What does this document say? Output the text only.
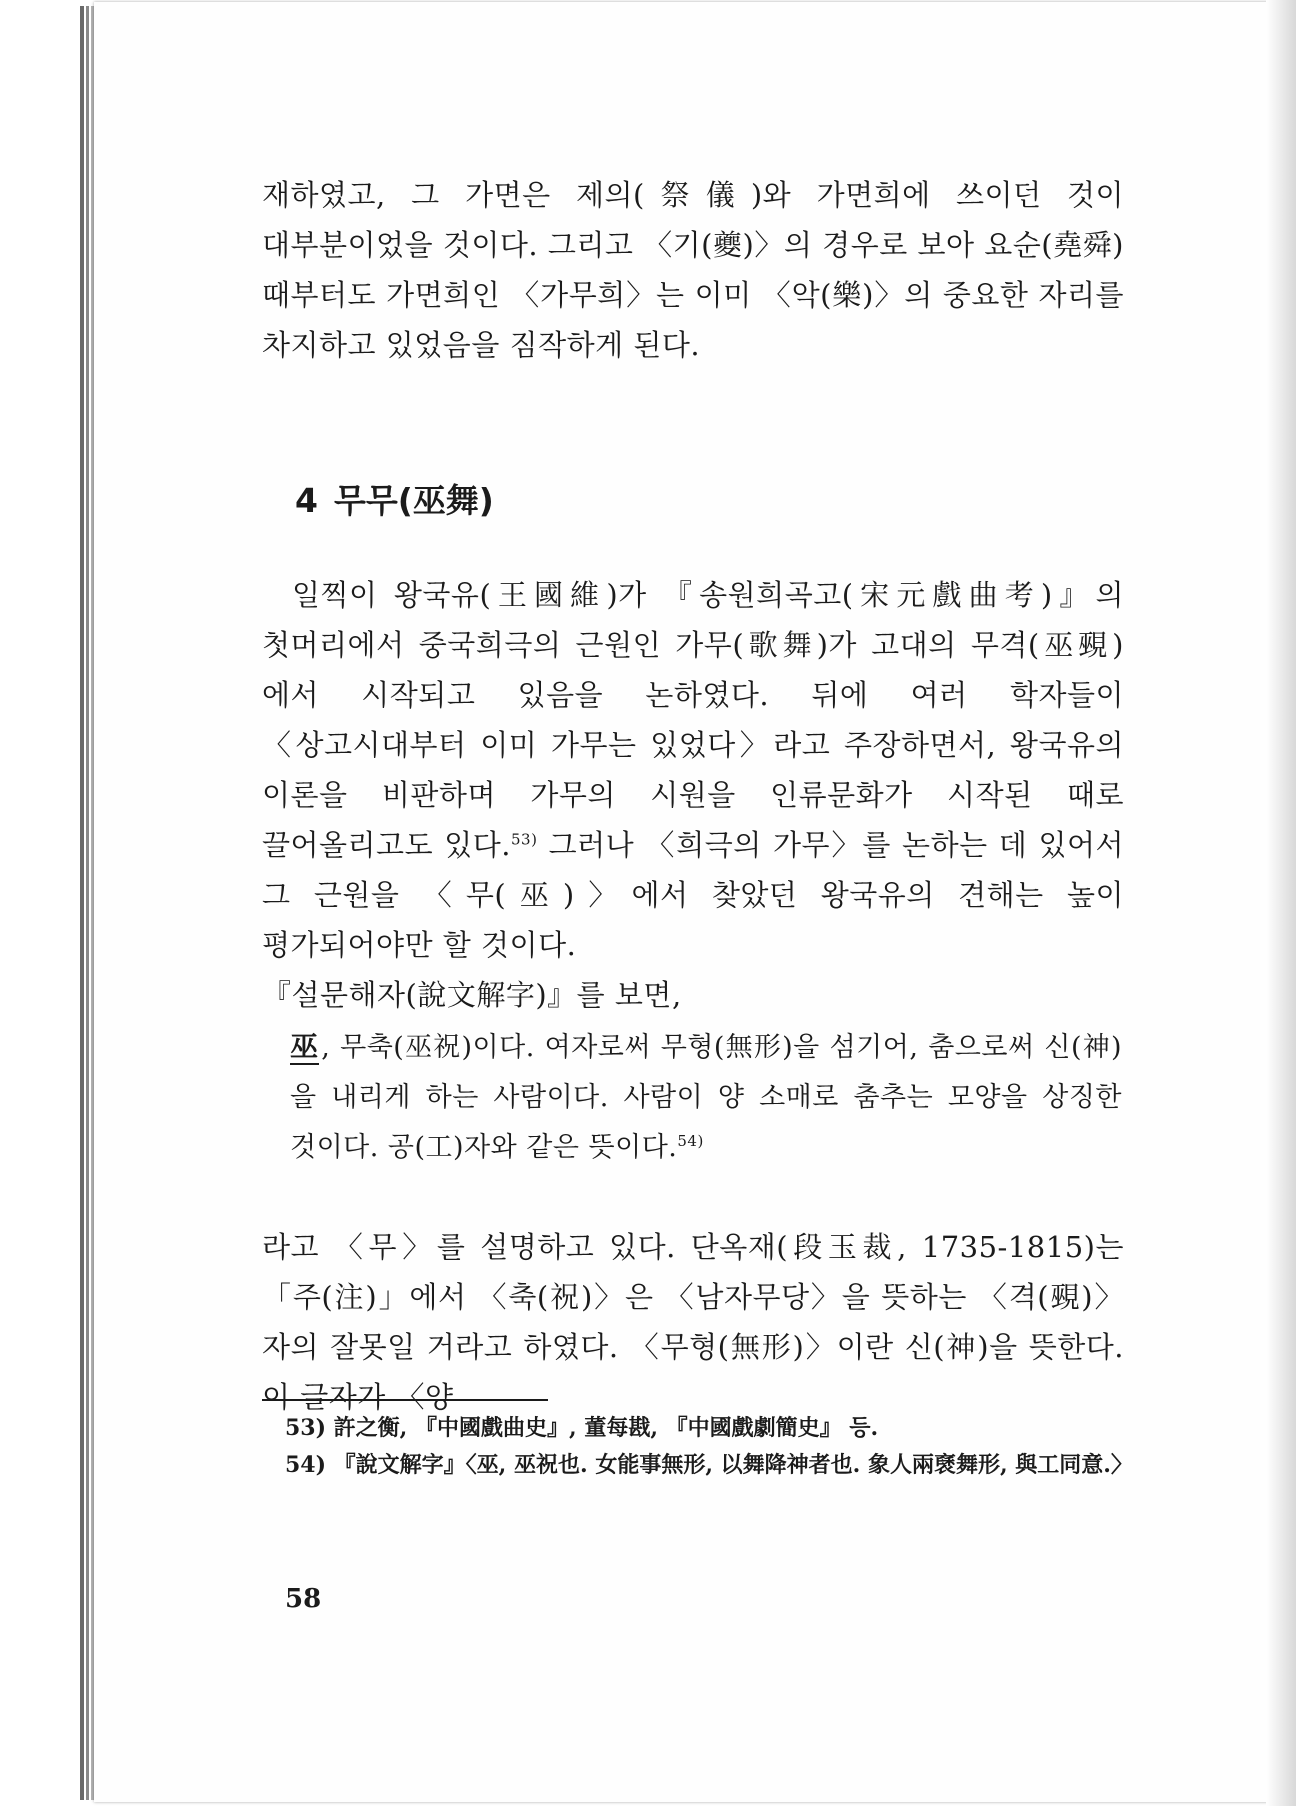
재하였고, 그 가면은 제의(祭儀)와 가면희에 쓰이던 것이 대부분이었을 것이다. 그리고 〈기(夔)〉의 경우로 보아 요순(堯舜) 때부터도 가면희인 〈가무희〉는 이미 〈악(樂)〉의 중요한 자리를 차지하고 있었음을 짐작하게 된다.

4 무무(巫舞)

일찍이 왕국유(王國維)가 『송원희곡고(宋元戲曲考)』의 첫머리에서 중국희극의 근원인 가무(歌舞)가 고대의 무격(巫覡)에서 시작되고 있음을 논하였다. 뒤에 여러 학자들이 〈상고시대부터 이미 가무는 있었다〉라고 주장하면서, 왕국유의 이론을 비판하며 가무의 시원을 인류문화가 시작된 때로 끌어올리고도 있다.$^{53)}$ 그러나 〈희극의 가무〉를 논하는 데 있어서 그 근원을 〈무(巫)〉에서 찾았던 왕국유의 견해는 높이 평가되어야만 할 것이다.

『설문해자(說文解字)』를 보면,

巫, 무축(巫祝)이다. 여자로써 무형(無形)을 섬기어, 춤으로써 신(神)을 내리게 하는 사람이다. 사람이 양 소매로 춤추는 모양을 상징한 것이다. 공(工)자와 같은 뜻이다.$^{54)}$

라고 〈무〉를 설명하고 있다. 단옥재(段玉裁, 1735-1815)는 「주(注)」에서 〈축(祝)〉은 〈남자무당〉을 뜻하는 〈격(覡)〉자의 잘못일 거라고 하였다. 〈무형(無形)〉이란 신(神)을 뜻한다. 이 글자가 〈양

53) 許之衡, 『中國戲曲史』, 董每戡, 『中國戲劇簡史』 등.

54) 『說文解字』〈巫, 巫祝也. 女能事無形, 以舞降神者也. 象人兩褎舞形, 與工同意.〉

58
